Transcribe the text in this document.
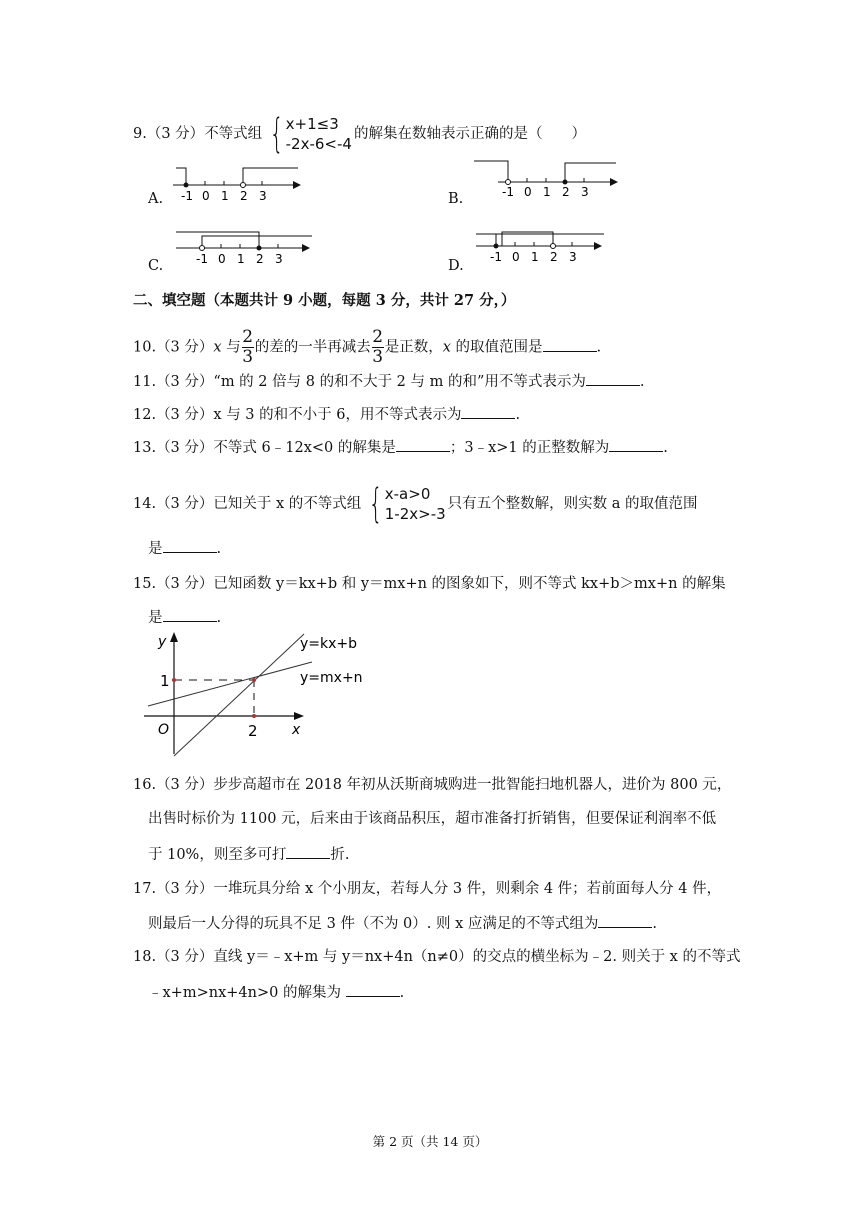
9.（3 分）不等式组 { x+1≤3
-2x-6<-4
的解集在数轴表示正确的是（　　）
A. -1 0 1 2 3	B.	-1 0 1 2 3
C.	-1 0 1 2 3	D.
-1 0 1 2 3
二、填空题（本题共计 9 小题，每题 3 分，共计 27 分，）
10.（3 分）x 与 $\frac{2}{3}$ 的差的一半再减去 $\frac{2}{3}$ 是正数，x 的取值范围是	.
11.（3 分）“m 的 2 倍与 8 的和不大于 2 与 m 的和”用不等式表示为	.
12.（3 分）x 与 3 的和不小于 6，用不等式表示为	.
13.（3 分）不等式 6﹣12x<0 的解集是	；3﹣x>1 的正整数解为	.
14.（3 分）已知关于 x 的不等式组 { x-a>0
1-2x>-3
只有五个整数解，则实数 a 的取值范围
是	.
15.（3 分）已知函数 y＝kx+b 和 y＝mx+n 的图象如下，则不等式 kx+b＞mx+n 的解集
是	.
y
x
O
1
2
y=kx+b
y=mx+n
16.（3 分）步步高超市在 2018 年初从沃斯商城购进一批智能扫地机器人，进价为 800 元，
出售时标价为 1100 元，后来由于该商品积压，超市准备打折销售，但要保证利润率不低
于 10%，则至多可打	折.
17.（3 分）一堆玩具分给 x 个小朋友，若每人分 3 件，则剩余 4 件；若前面每人分 4 件，
则最后一人分得的玩具不足 3 件（不为 0）. 则 x 应满足的不等式组为	.
18.（3 分）直线 y＝﹣x+m 与 y＝nx+4n（n≠0）的交点的横坐标为﹣2. 则关于 x 的不等式
﹣x+m>nx+4n>0 的解集为	.
第 2 页（共 14 页）
